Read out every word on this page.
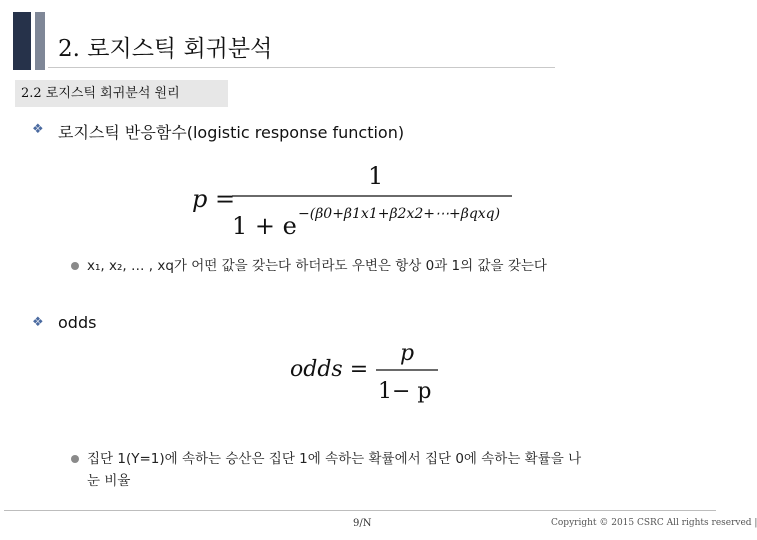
2. 로지스틱 회귀분석
2.2 로지스틱 회귀분석 원리
❖ 로지스틱 반응함수(logistic response function)
p =
1
1 + e −(β0+β1x1+β2x2+⋯+βqxq)
x₁, x₂, … , xq가 어떤 값을 갖는다 하더라도 우변은 항상 0과 1의 값을 갖는다
❖ odds
odds =
p
1− p
집단 1(Y=1)에 속하는 승산은 집단 1에 속하는 확률에서 집단 0에 속하는 확률을 나
눈 비율
9/N	Copyright © 2015 CSRC All rights reserved |
